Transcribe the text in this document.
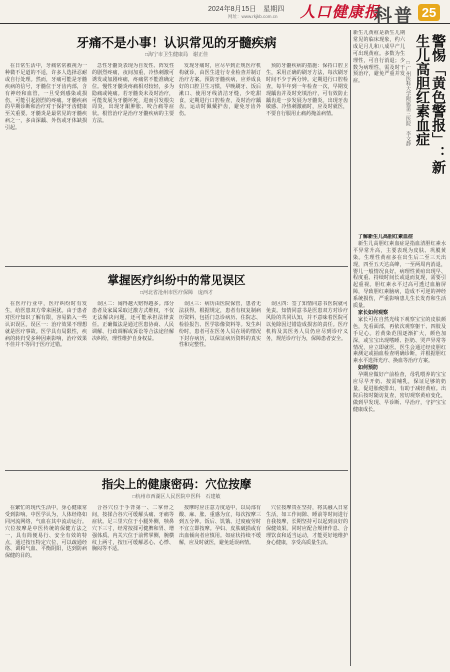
2024年8月15日　星期四 人口健康报
网址：www.rkjkb.com.cn	科普 25
牙痛不是小事！认识常见的牙髓疾病
□海宁市卫生健康局　谢正佳

在日常生活中，牙痛常常被视为一种微不足道的不适，许多人选择忍耐或自行处理。然而，牙痛可能是牙髓疾病的信号，牙髓位于牙齿内部，含有神经和血管，一旦受到感染或损伤，可能引起剧烈的疼痛。牙髓疾病的早期诊断和治疗对于保护牙齿健康至关重要。牙髓炎是最常见的牙髓疾病之一，多由深龋、外伤或牙体缺损引起。

急性牙髓炎表现为自发性、阵发性的剧烈疼痛，夜间加重，冷热刺激可诱发或加剧疼痛，疼痛常不能准确定位。慢性牙髓炎疼痛相对较轻，多为隐痛或钝痛。若牙髓炎未及时治疗，可能发展为牙髓坏死，进而引发根尖周炎，出现牙龈肿胀、咬合痛等症状。根管治疗是治疗牙髓疾病的主要方法。

发现牙痛时，应尽早到正规医疗机构就诊，由医生进行专业检查并制订治疗方案。预防牙髓疾病，应养成良好的口腔卫生习惯，早晚刷牙、饭后漱口、使用牙线清洁牙缝，少吃甜食，定期进行口腔检查，及时治疗龋齿。运动时佩戴护齿，避免牙齿外伤。

预防牙髓疾病的措施：保持口腔卫生，采用正确的刷牙方法，每次刷牙时间不少于两分钟。定期进行口腔检查，每半年到一年检查一次，早期发现龋齿并及时充填治疗，可有效防止龋齿进一步发展为牙髓炎。出现牙齿敏感、冷热刺激痛时，应及时就医，不要自行服用止痛药掩盖病情。

掌握医疗纠纷中的常见误区
□河北省沧州市医疗保障　庞西才

在医疗行业中，医疗纠纷时有发生，给医患双方带来困扰。由于患者对医疗知识了解有限，容易陷入一些认识误区。误区一：治疗效果不理想就是医疗事故。医学具有局限性，疾病的转归受多种因素影响，治疗效果不佳并不等同于医疗过错。

误区二：闹得越大赔得越多。部分患者及家属采取过激方式维权，不仅无法解决问题，还可能承担法律责任。正确做法是通过医患协商、人民调解、行政调解或诉讼等合法途径解决纠纷，理性维护自身权益。

误区三：病历由医院保管，患者无法获得。根据规定，患者有权复制病历资料，包括门急诊病历、住院志、检验报告、医学影像资料等。发生纠纷时，患者可在医务人员在场的情况下封存病历，以保证病历资料的真实性和完整性。

误区四：签了知情同意书医院就可免责。知情同意书是医患双方对诊疗风险的共同认知，并不意味着医院可以免除因过错造成损害的责任。医疗机构及其医务人员仍应尽到诊疗义务，规范诊疗行为，保障患者安全。

指尖上的健康密码：穴位按摩
□杭州市西湖区人民医院中医科　石建敏

在繁忙的现代生活中，身心健康常受到影响。中医学认为，人体经络如同河流网络，气血在其中流动运行。穴位按摩是中医传统的保健方法之一，具有简便易行、安全有效的特点，通过按压特定穴位，可以疏通经络、调和气血、平衡阴阳，达到防病保健的目的。

合谷穴位于手背第一、二掌骨之间，按揉合谷穴可缓解头痛、牙痛等症状。足三里穴位于小腿外侧，犊鼻穴下三寸，经常按揉可健脾和胃、增强体质。内关穴位于前臂掌侧，腕横纹上两寸，按压可缓解恶心、心悸、胸闷等不适。

按摩时应注意力度适中，以局部有酸、麻、胀、重感为宜，每次按摩三到五分钟。饭后、饥饿、过度疲劳时不宜立即按摩。孕妇、皮肤破损或有出血倾向者应慎用。如症状持续不缓解，应及时就医，避免延误病情。

穴位按摩贵在坚持，将其融入日常生活，如工作间隙、睡前等时间进行自我按摩，长期坚持可以起到良好的保健效果。同时应配合规律作息、合理饮食和适当运动，才能更好地维护身心健康，享受高质量生活。

新生儿黄疸是新生儿期常见的临床现象，约六成足月儿和八成早产儿可出现黄疸。多数为生理性，可自行消退；少数为病理性，需及时干预治疗，避免严重并发症。	□广州医科大学附属第三医院　李文静	警惕「黄色警报」：新生儿高胆红素血症

了解新生儿高胆红素血症

新生儿高胆红素血症是指血清胆红素水平异常升高，主要表现为皮肤、巩膜黄染。生理性黄疸多在出生后二至三天出现，四至五天达高峰，一至两周内消退，婴儿一般情况良好。病理性黄疸出现早、程度重、持续时间长或退而复现，需要引起重视。胆红素水平过高可透过血脑屏障，导致胆红素脑病，造成不可逆的神经系统损伤，严重影响患儿生长发育和生活质量。

家长如何观察

家长可在自然光线下观察宝宝的皮肤颜色，先看面部，再依次观察躯干、四肢及手足心。若黄染范围逐渐扩大，颜色加深，或宝宝出现嗜睡、拒奶、哭声异常等情况，应立即就医。医生会通过经皮胆红素测定或抽血检查明确诊断，并根据胆红素水平选择光疗、换血等治疗方案。

如何预防

孕期应做好产前检查，母乳喂养的宝宝应尽早开奶、按需哺乳，保证足够的奶量，促进胎便排出，有助于减轻黄疸。出院后按时随访复查，密切观察黄疸变化，做到早发现、早诊断、早治疗，守护宝宝健康成长。
